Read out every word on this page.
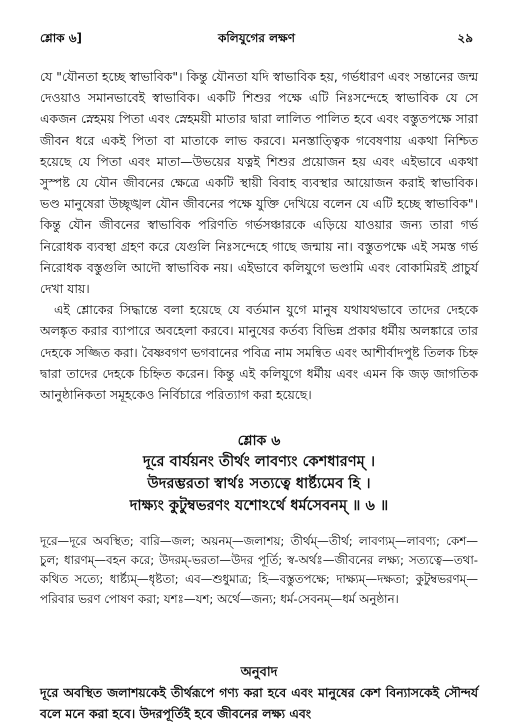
শ্লোক ৬]	কলিযুগের লক্ষণ	২৯

যে "যৌনতা হচ্ছে স্বাভাবিক"। কিন্তু যৌনতা যদি স্বাভাবিক হয়, গর্ভধারণ এবং সন্তানের জন্ম দেওয়াও সমানভাবেই স্বাভাবিক। একটি শিশুর পক্ষে এটি নিঃসন্দেহে স্বাভাবিক যে সে একজন স্নেহময় পিতা এবং স্নেহময়ী মাতার দ্বারা লালিত পালিত হবে এবং বস্তুতপক্ষে সারা জীবন ধরে একই পিতা বা মাতাকে লাভ করবে। মনস্তাত্ত্বিক গবেষণায় একথা নিশ্চিত হয়েছে যে পিতা এবং মাতা—উভয়ের যত্নই শিশুর প্রয়োজন হয় এবং এইভাবে একথা সুস্পষ্ট যে যৌন জীবনের ক্ষেত্রে একটি স্থায়ী বিবাহ ব্যবস্থার আয়োজন করাই স্বাভাবিক। ভণ্ড মানুষেরা উচ্ছৃঙ্খল যৌন জীবনের পক্ষে যুক্তি দেখিয়ে বলেন যে এটি হচ্ছে স্বাভাবিক"। কিন্তু যৌন জীবনের স্বাভাবিক পরিণতি গর্ভসঞ্চারকে এড়িয়ে যাওয়ার জন্য তারা গর্ভ নিরোধক ব্যবস্থা গ্রহণ করে যেগুলি নিঃসন্দেহে গাছে জন্মায় না। বস্তুতপক্ষে এই সমস্ত গর্ভ নিরোধক বস্তুগুলি আদৌ স্বাভাবিক নয়। এইভাবে কলিযুগে ভণ্ডামি এবং বোকামিরই প্রাচুর্য দেখা যায়।

এই শ্লোকের সিদ্ধান্তে বলা হয়েছে যে বর্তমান যুগে মানুষ যথাযথভাবে তাদের দেহকে অলঙ্কৃত করার ব্যাপারে অবহেলা করবে। মানুষের কর্তব্য বিভিন্ন প্রকার ধর্মীয় অলঙ্কারে তার দেহকে সজ্জিত করা। বৈষ্ণবগণ ভগবানের পবিত্র নাম সমন্বিত এবং আশীর্বাদপুষ্ট তিলক চিহ্ন দ্বারা তাদের দেহকে চিহ্নিত করেন। কিন্তু এই কলিযুগে ধর্মীয় এবং এমন কি জড় জাগতিক আনুষ্ঠানিকতা সমূহকেও নির্বিচারে পরিত্যাগ করা হয়েছে।

শ্লোক ৬
দূরে বার্যয়নং তীর্থং লাবণ্যং কেশধারণম্ ।
উদরম্ভরতা স্বার্থঃ সত্যত্বে ধার্ষ্ট্যমেব হি ।
দাক্ষ্যং কুটুম্বভরণং যশোঽর্থে ধর্মসেবনম্ ॥ ৬ ॥

দূরে—দূরে অবস্থিত; বারি—জল; অয়নম্—জলাশয়; তীর্থম্—তীর্থ; লাবণ্যম্—লাবণ্য; কেশ—চুল; ধারণম্—বহন করে; উদরম্-ভরতা—উদর পূর্তি; স্ব-অর্থঃ—জীবনের লক্ষ্য; সত্যত্বে—তথা-কথিত সত্যে; ধার্ষ্ট্যম্—ধৃষ্টতা; এব—শুধুমাত্র; হি—বস্তুতপক্ষে; দাক্ষ্যম্—দক্ষতা; কুটুম্বভরণম্—পরিবার ভরণ পোষণ করা; যশঃ—যশ; অর্থে—জন্য; ধর্ম-সেবনম্—ধর্ম অনুষ্ঠান।

অনুবাদ

দূরে অবস্থিত জলাশয়কেই তীর্থরূপে গণ্য করা হবে এবং মানুষের কেশ বিন্যাসকেই সৌন্দর্য বলে মনে করা হবে। উদরপূর্তিই হবে জীবনের লক্ষ্য এবং
